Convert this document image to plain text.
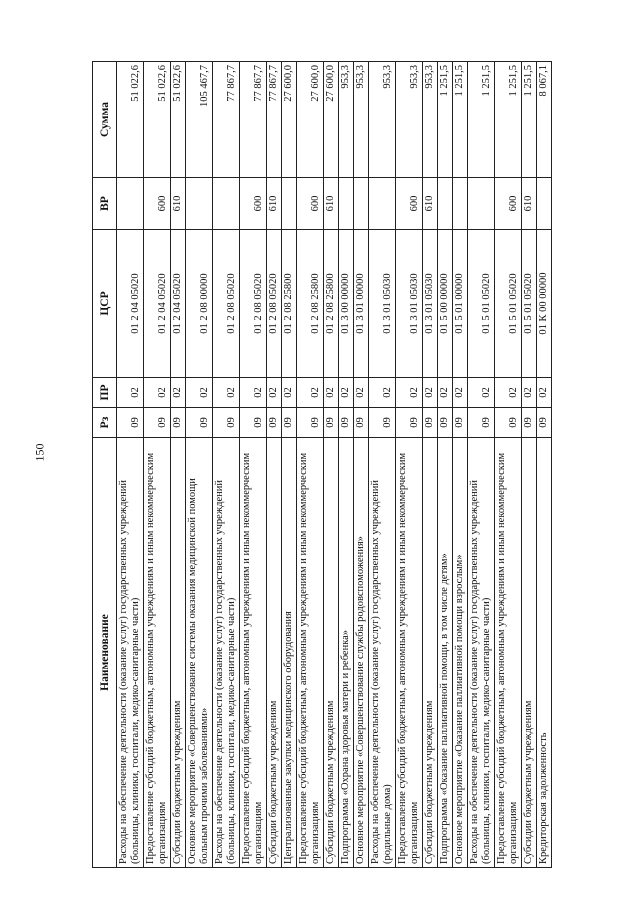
150
Наименование	Рз	ПР	ЦСР	ВР	Сумма
Расходы на обеспечение деятельности (оказание услуг) государственных учреждений (больницы, клиники, госпитали, медико-санитарные части)	09	02	01 2 04 05020		51 022,6
Предоставление субсидий бюджетным, автономным учреждениям и иным некоммерческим организациям	09	02	01 2 04 05020	600	51 022,6
Субсидии бюджетным учреждениям	09	02	01 2 04 05020	610	51 022,6
Основное мероприятие «Совершенствование системы оказания медицинской помощи больным прочими заболеваниями»	09	02	01 2 08 00000		105 467,7
Расходы на обеспечение деятельности (оказание услуг) государственных учреждений (больницы, клиники, госпитали, медико-санитарные части)	09	02	01 2 08 05020		77 867,7
Предоставление субсидий бюджетным, автономным учреждениям и иным некоммерческим организациям	09	02	01 2 08 05020	600	77 867,7
Субсидии бюджетным учреждениям	09	02	01 2 08 05020	610	77 867,7
Централизованные закупки медицинского оборудования	09	02	01 2 08 25800		27 600,0
Предоставление субсидий бюджетным, автономным учреждениям и иным некоммерческим организациям	09	02	01 2 08 25800	600	27 600,0
Субсидии бюджетным учреждениям	09	02	01 2 08 25800	610	27 600,0
Подпрограмма «Охрана здоровья матери и ребенка»	09	02	01 3 00 00000		953,3
Основное мероприятие «Совершенствование службы родовспоможения»	09	02	01 3 01 00000		953,3
Расходы на обеспечение деятельности (оказание услуг) государственных учреждений (родильные дома)	09	02	01 3 01 05030		953,3
Предоставление субсидий бюджетным, автономным учреждениям и иным некоммерческим организациям	09	02	01 3 01 05030	600	953,3
Субсидии бюджетным учреждениям	09	02	01 3 01 05030	610	953,3
Подпрограмма «Оказание паллиативной помощи, в том числе детям»	09	02	01 5 00 00000		1 251,5
Основное мероприятие «Оказание паллиативной помощи взрослым»	09	02	01 5 01 00000		1 251,5
Расходы на обеспечение деятельности (оказание услуг) государственных учреждений (больницы, клиники, госпитали, медико-санитарные части)	09	02	01 5 01 05020		1 251,5
Предоставление субсидий бюджетным, автономным учреждениям и иным некоммерческим организациям	09	02	01 5 01 05020	600	1 251,5
Субсидии бюджетным учреждениям	09	02	01 5 01 05020	610	1 251,5
Кредиторская задолженность	09	02	01 К 00 00000		8 067,1
